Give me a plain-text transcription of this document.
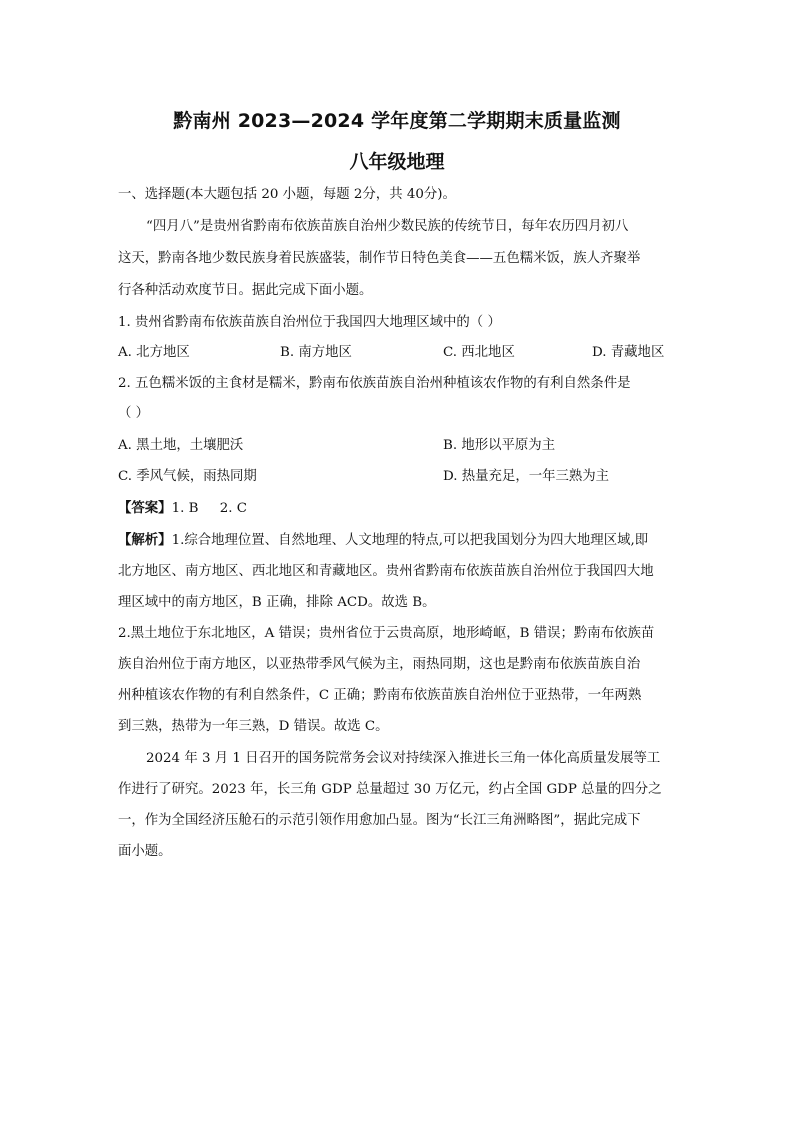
黔南州 2023—2024 学年度第二学期期末质量监测
八年级地理
一、选择题(本大题包括 20 小题，每题 2分，共 40分)。
“四月八”是贵州省黔南布依族苗族自治州少数民族的传统节日，每年农历四月初八
这天，黔南各地少数民族身着民族盛装，制作节日特色美食——五色糯米饭，族人齐聚举
行各种活动欢度节日。据此完成下面小题。
1. 贵州省黔南布依族苗族自治州位于我国四大地理区域中的（ ）
A. 北方地区	B. 南方地区	C. 西北地区	D. 青藏地区
2. 五色糯米饭的主食材是糯米，黔南布依族苗族自治州种植该农作物的有利自然条件是
（ ）
A. 黑土地，土壤肥沃	B. 地形以平原为主
C. 季风气候，雨热同期	D. 热量充足，一年三熟为主
【答案】1. B     2. C
【解析】1.综合地理位置、自然地理、人文地理的特点,可以把我国划分为四大地理区域,即
北方地区、南方地区、西北地区和青藏地区。贵州省黔南布依族苗族自治州位于我国四大地
理区域中的南方地区，B 正确，排除 ACD。故选 B。
2.黑土地位于东北地区，A 错误；贵州省位于云贵高原，地形崎岖，B 错误；黔南布依族苗
族自治州位于南方地区，以亚热带季风气候为主，雨热同期，这也是黔南布依族苗族自治
州种植该农作物的有利自然条件，C 正确；黔南布依族苗族自治州位于亚热带，一年两熟
到三熟，热带为一年三熟，D 错误。故选 C。
2024 年 3 月 1 日召开的国务院常务会议对持续深入推进长三角一体化高质量发展等工
作进行了研究。2023 年，长三角 GDP 总量超过 30 万亿元，约占全国 GDP 总量的四分之
一，作为全国经济压舱石的示范引领作用愈加凸显。图为“长江三角洲略图”，据此完成下
面小题。
